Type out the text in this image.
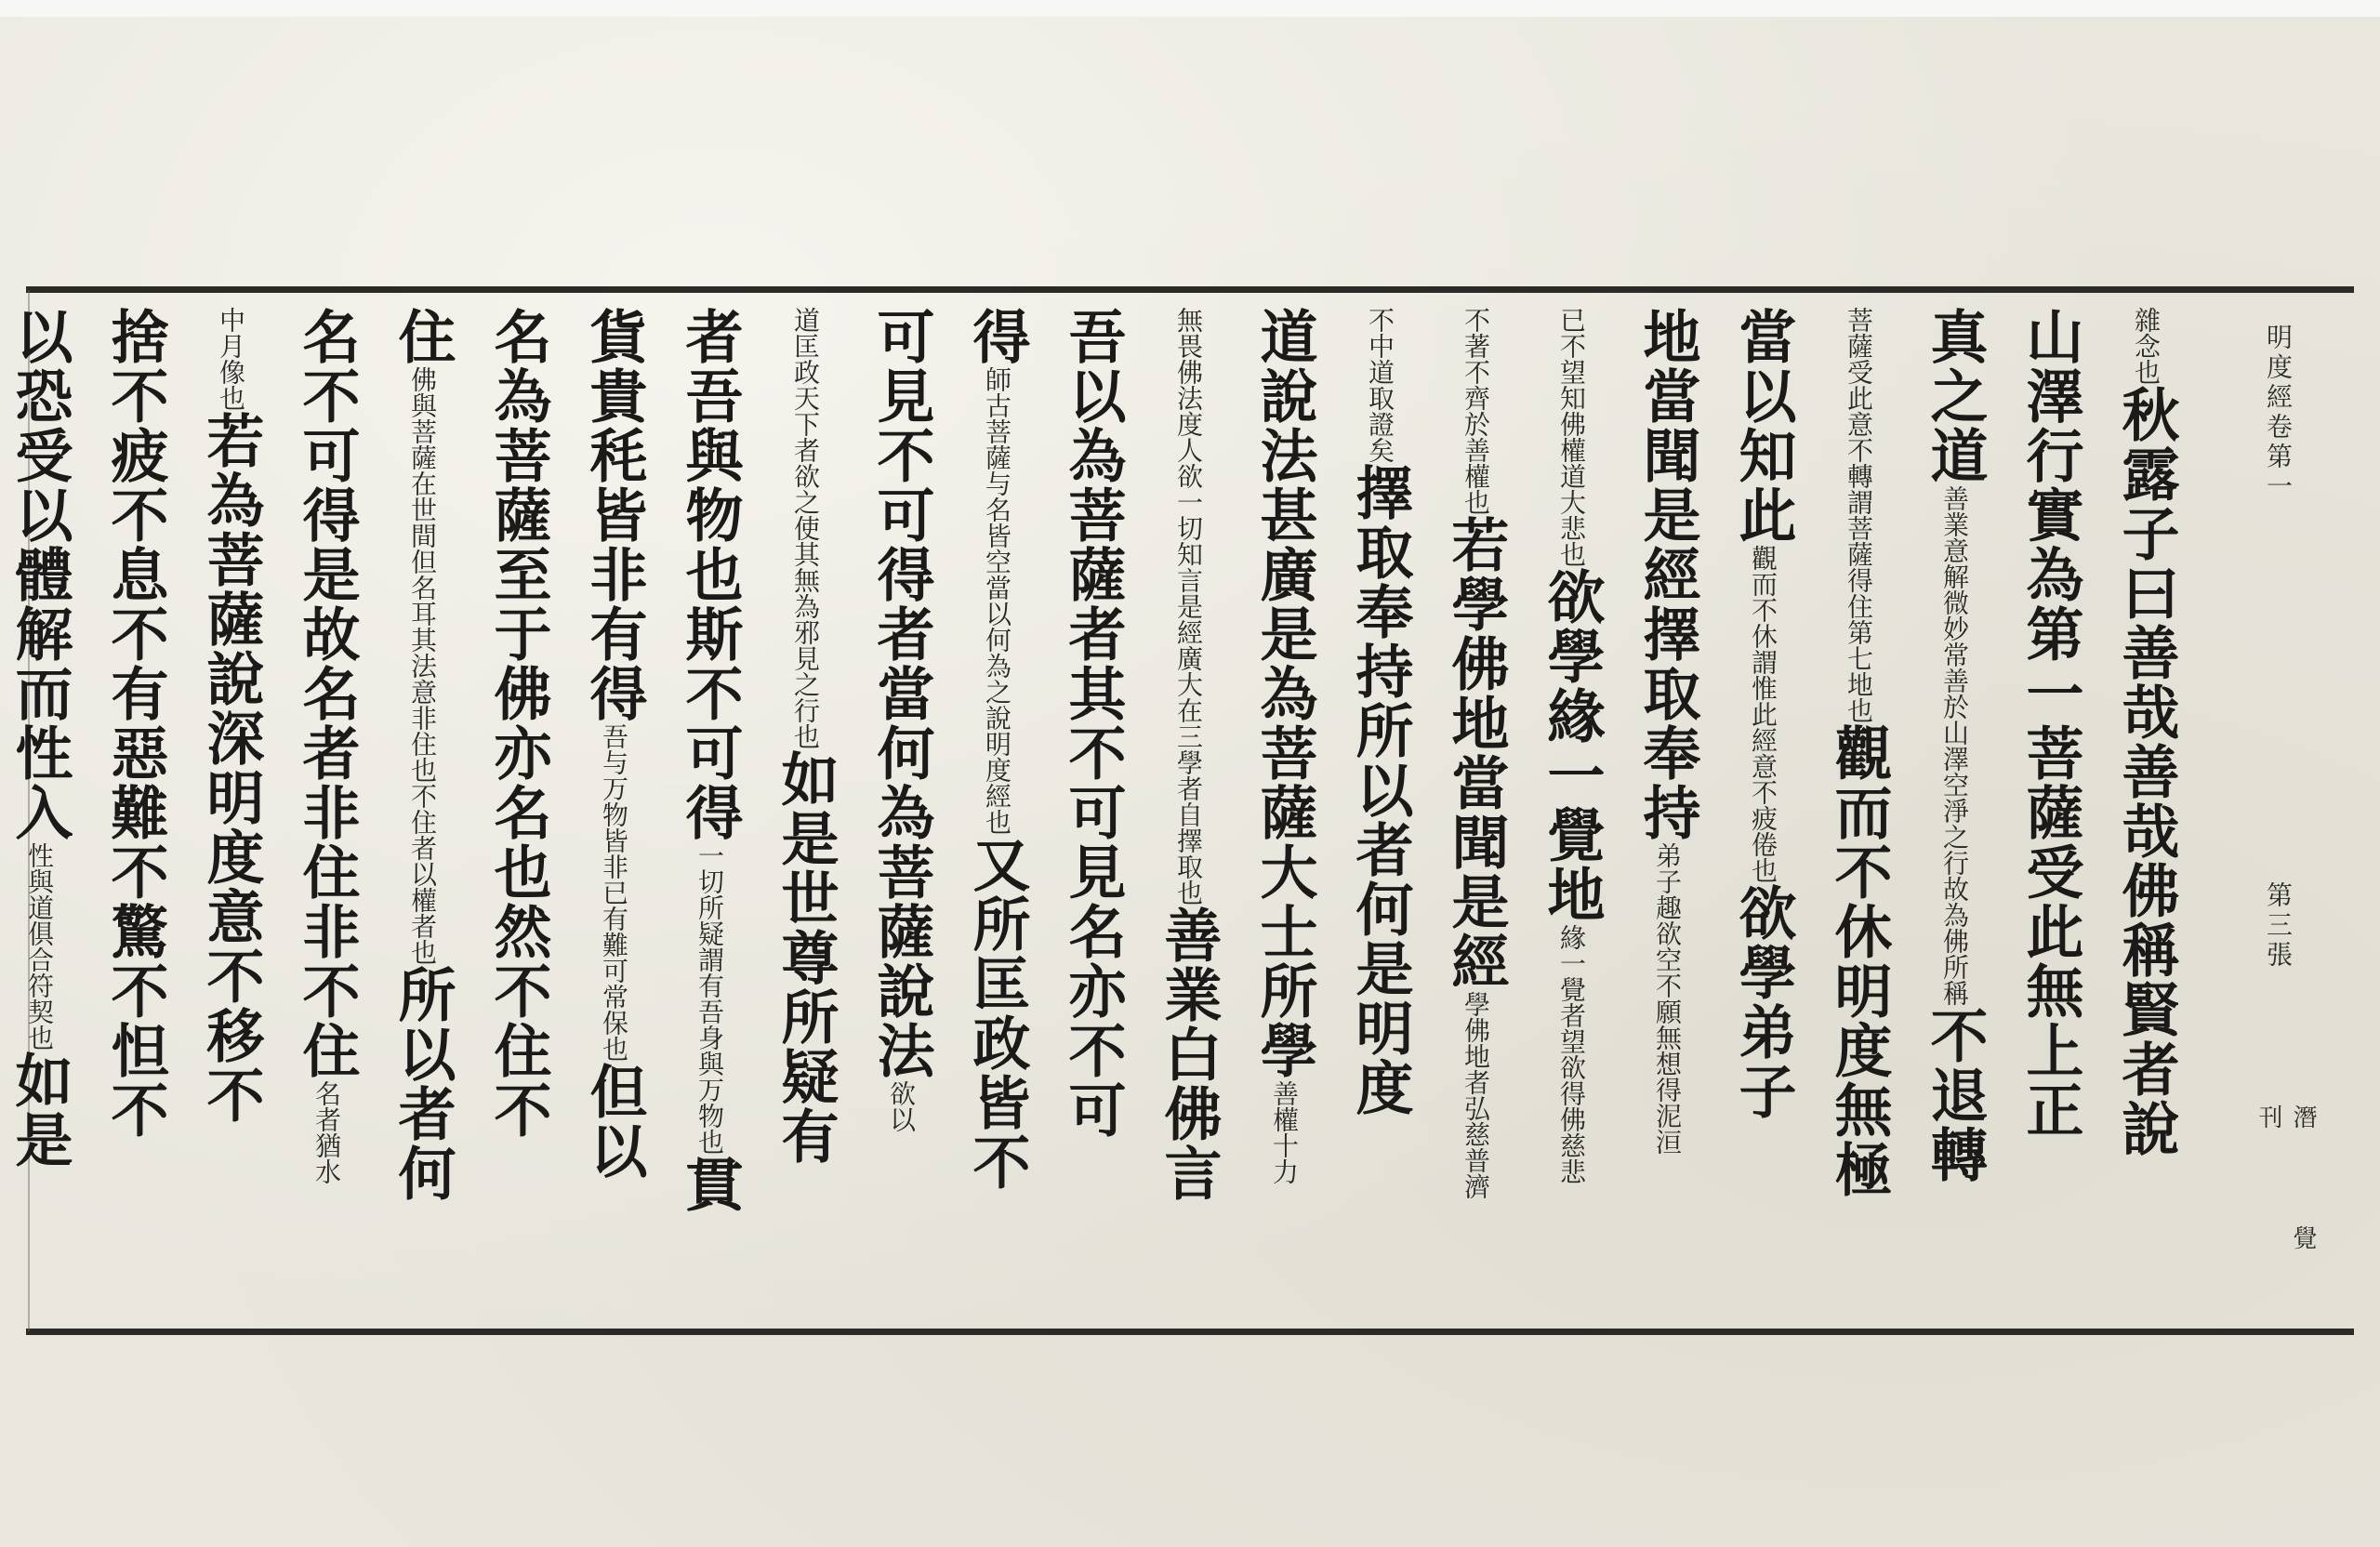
明度經卷第一
第三張
潛 覺 刊
雜念也秋露子曰善哉善哉佛稱賢者說
山澤行實為第一菩薩受此無上正
真之道善業意解微妙常善於山澤空淨之行故為佛所稱不退轉
菩薩受此意不轉謂菩薩得住第七地也觀而不休明度無極
當以知此觀而不休謂惟此經意不疲倦也欲學弟子
地當聞是經擇取奉持弟子趣欲空不願無想得泥洹
已不望知佛權道大悲也欲學緣一覺地緣一覺者望欲得佛慈悲
不著不齊於善權也若學佛地當聞是經學佛地者弘慈普濟
不中道取證矣擇取奉持所以者何是明度
道說法甚廣是為菩薩大士所學善權十力
無畏佛法度人欲一切知言是經廣大在三學者自擇取也善業白佛言
吾以為菩薩者其不可見名亦不可
得師古菩薩与名皆空當以何為之說明度經也又所匡政皆不
可見不可得者當何為菩薩說法欲以
道匡政天下者欲之使其無為邪見之行也如是世尊所疑有
者吾與物也斯不可得一切所疑謂有吾身與万物也貫
貨貴秏皆非有得吾与万物皆非已有難可常保也但以
名為菩薩至于佛亦名也然不住不
住佛與菩薩在世間但名耳其法意非住也不住者以權者也所以者何
名不可得是故名者非住非不住名者猶水
中月像也若為菩薩說深明度意不移不
捨不疲不息不有惡難不驚不怛不
以恐受以體解而性入性與道俱合符契也如是
